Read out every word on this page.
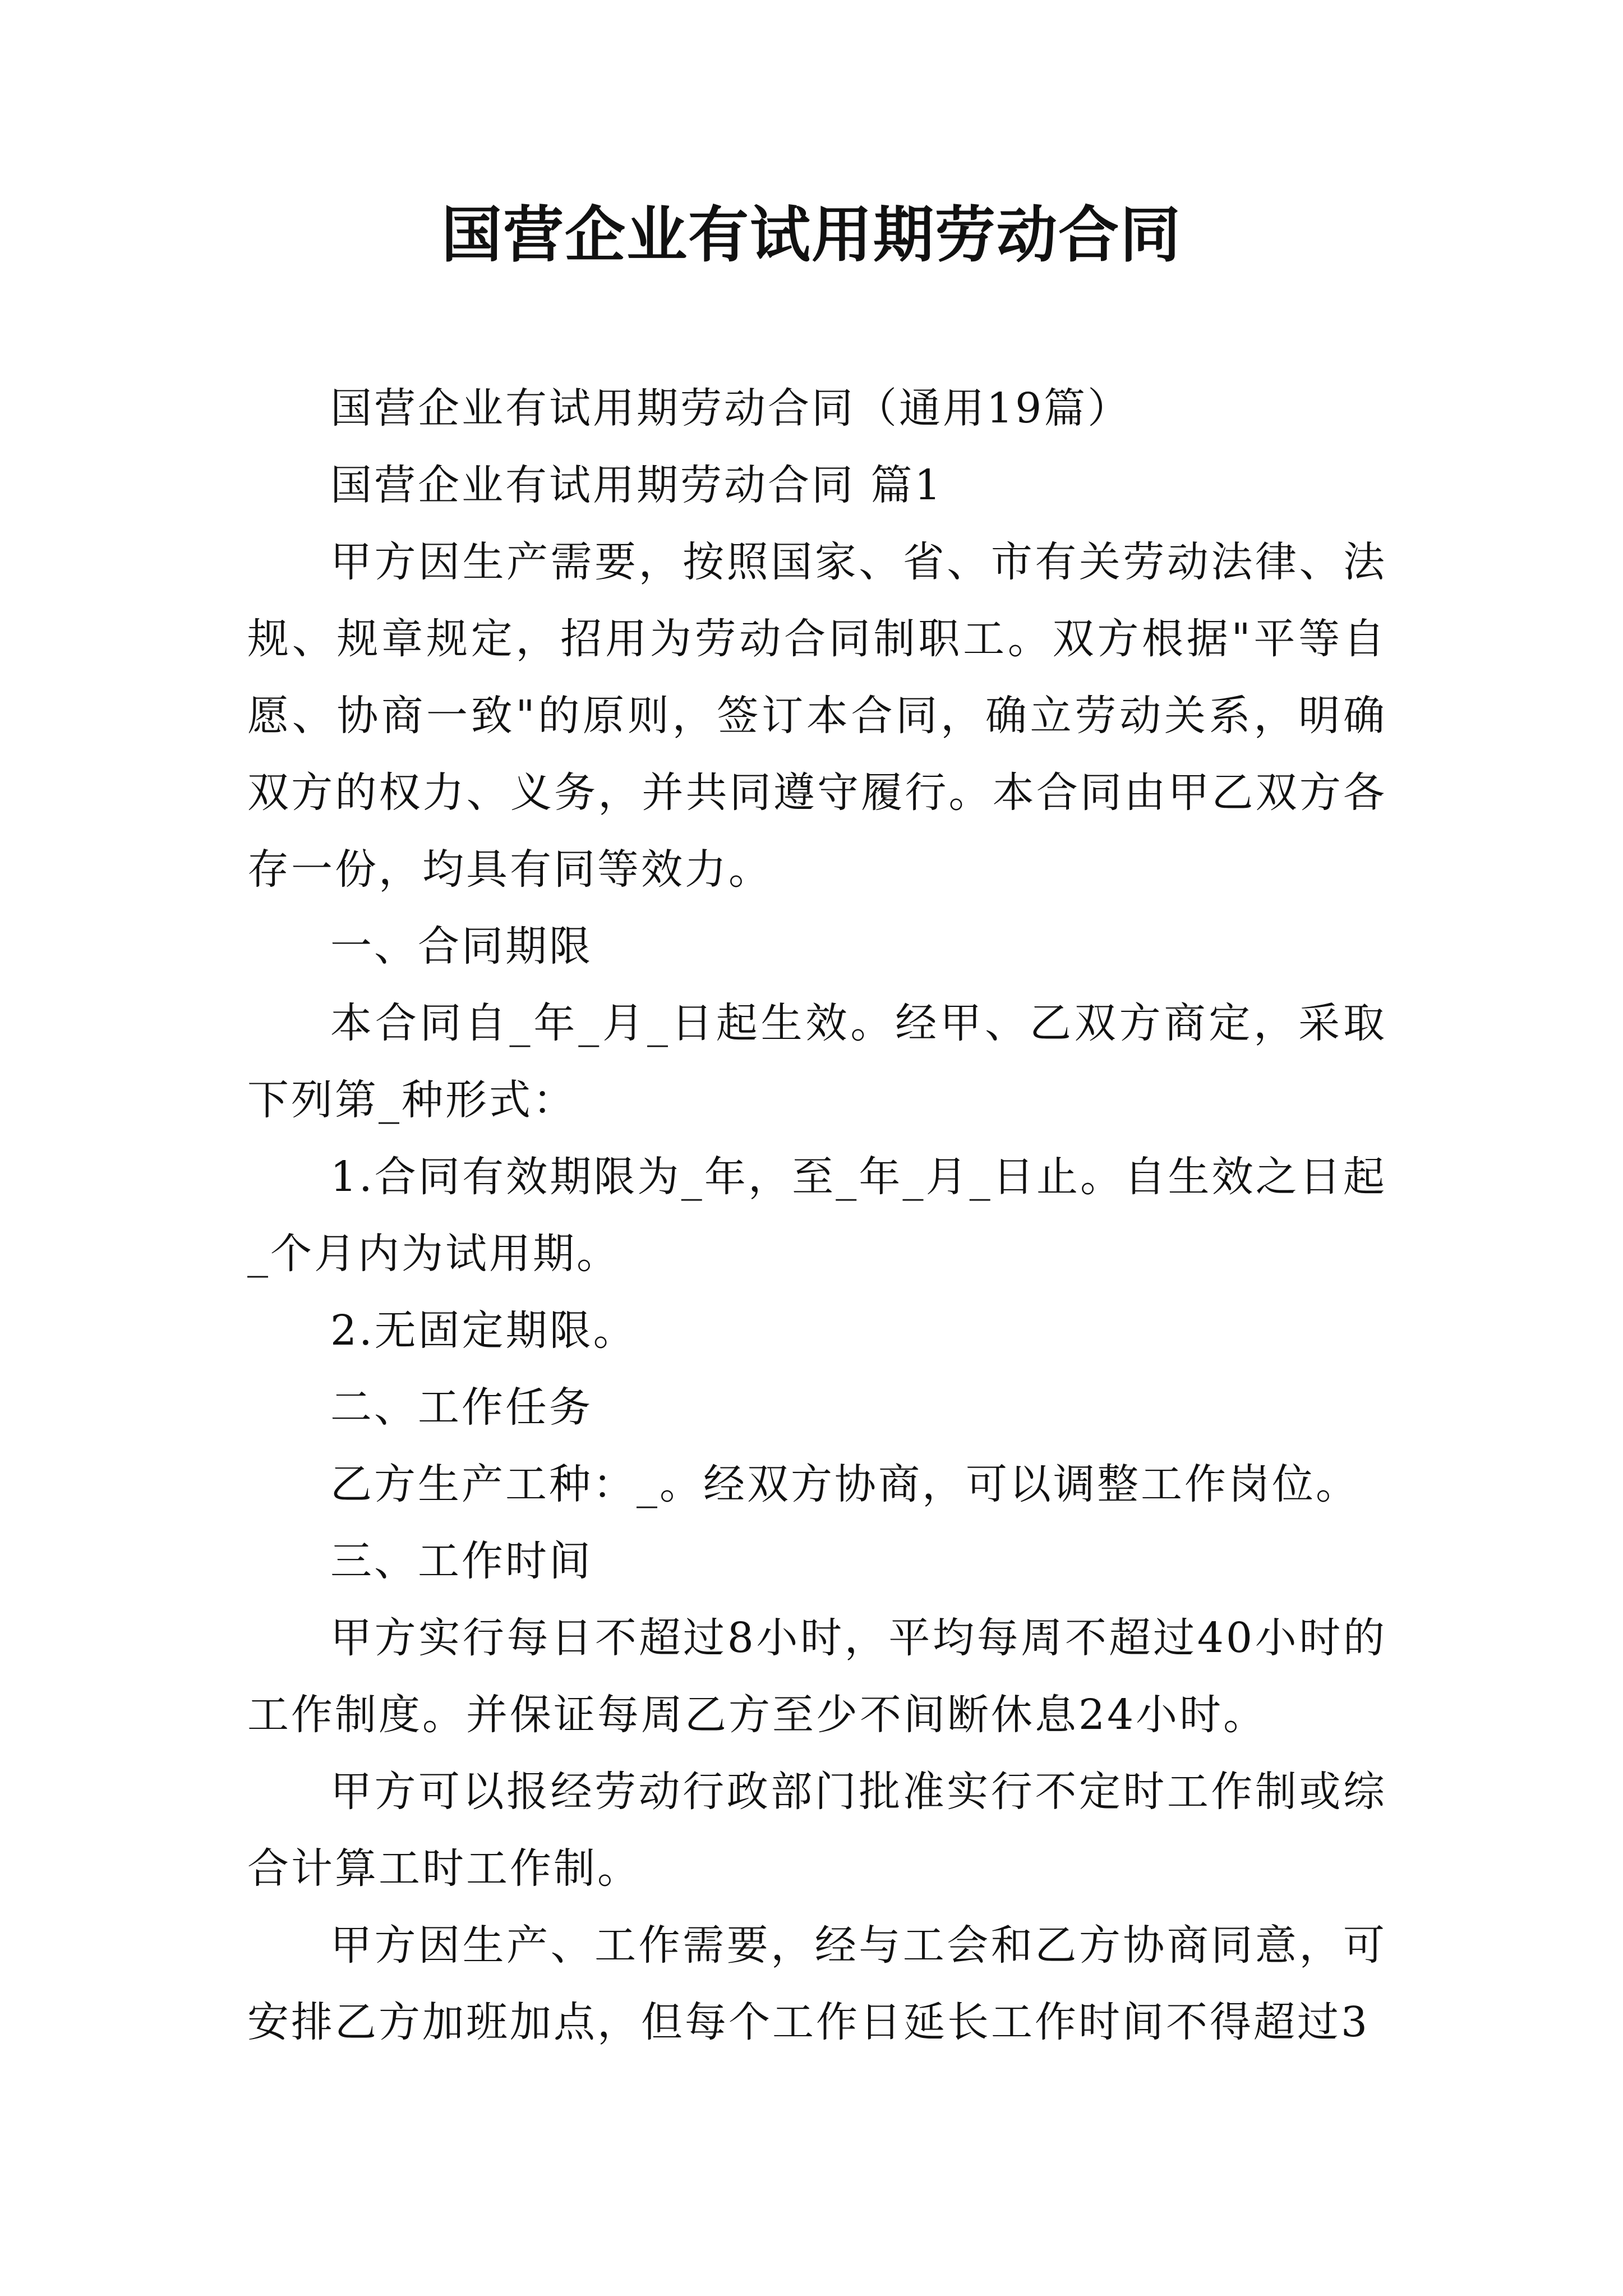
国营企业有试用期劳动合同

国营企业有试用期劳动合同（通用19篇）

国营企业有试用期劳动合同 篇1

甲方因生产需要，按照国家、省、市有关劳动法律、法规、规章规定，招用为劳动合同制职工。双方根据"平等自愿、协商一致"的原则，签订本合同，确立劳动关系，明确双方的权力、义务，并共同遵守履行。本合同由甲乙双方各存一份，均具有同等效力。

一、合同期限

本合同自_年_月_日起生效。经甲、乙双方商定，采取下列第_种形式：

1.合同有效期限为_年，至_年_月_日止。自生效之日起_个月内为试用期。

2.无固定期限。

二、工作任务

乙方生产工种：_。经双方协商，可以调整工作岗位。

三、工作时间

甲方实行每日不超过8小时，平均每周不超过40小时的工作制度。并保证每周乙方至少不间断休息24小时。

甲方可以报经劳动行政部门批准实行不定时工作制或综合计算工时工作制。

甲方因生产、工作需要，经与工会和乙方协商同意，可安排乙方加班加点，但每个工作日延长工作时间不得超过3
